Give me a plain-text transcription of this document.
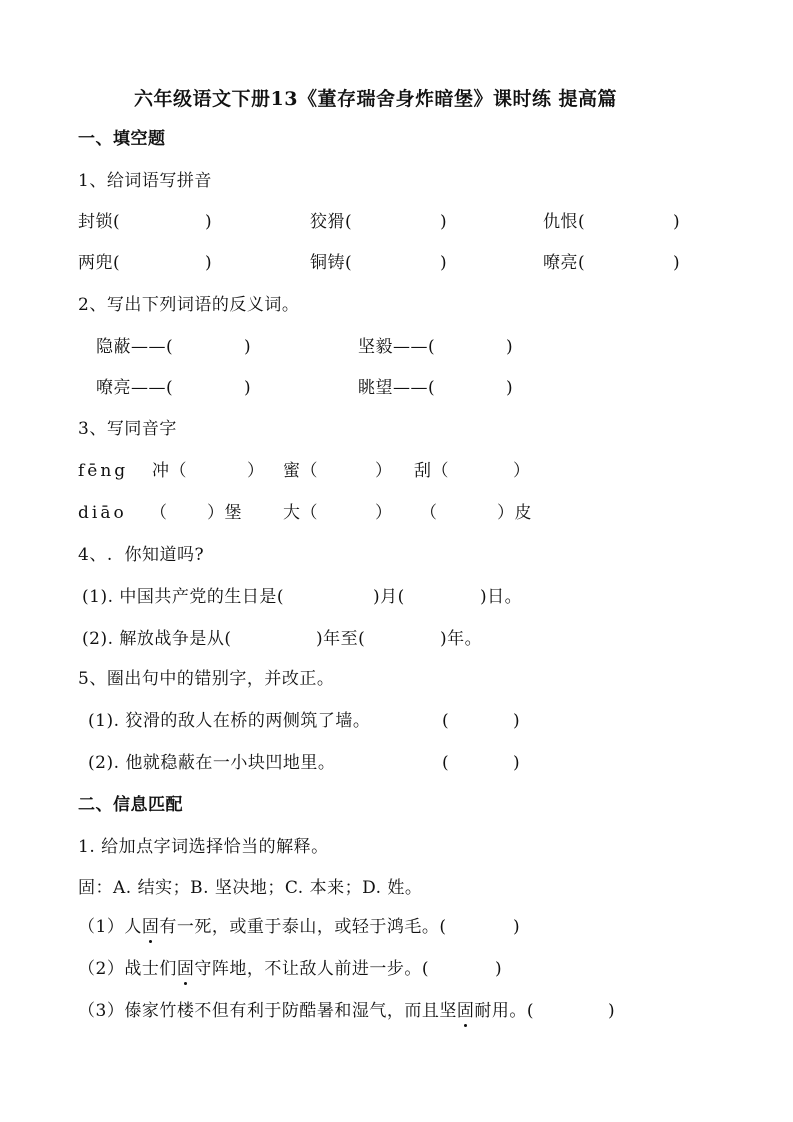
六年级语文下册13《董存瑞舍身炸暗堡》课时练 提高篇
一、填空题
1、给词语写拼音
封锁(	)	狡猾(	)	仇恨(	)
两兜(	)	铜铸(	)	嘹亮(	)
2、写出下列词语的反义词。
隐蔽——(	)	坚毅——(	)
嘹亮——(	)	眺望——(	)
3、写同音字
fēng 冲（	） 蜜（	） 刮（	）
diāo （ ）堡 大（	） （	）皮
4、.  你知道吗?
(1). 中国共产党的生日是(	)月(	)日。
(2). 解放战争是从(	)年至(	)年。
5、圈出句中的错别字，并改正。
(1). 狡滑的敌人在桥的两侧筑了墙。	(	)
(2). 他就稳蔽在一小块凹地里。	(	)
二、信息匹配
1. 给加点字词选择恰当的解释。
固：A. 结实；B. 坚决地；C. 本来；D. 姓。
（1）人固有一死，或重于泰山，或轻于鸿毛。(	)
（2）战士们固守阵地，不让敌人前进一步。(	)
（3）傣家竹楼不但有利于防酷暑和湿气，而且坚固耐用。(	)
